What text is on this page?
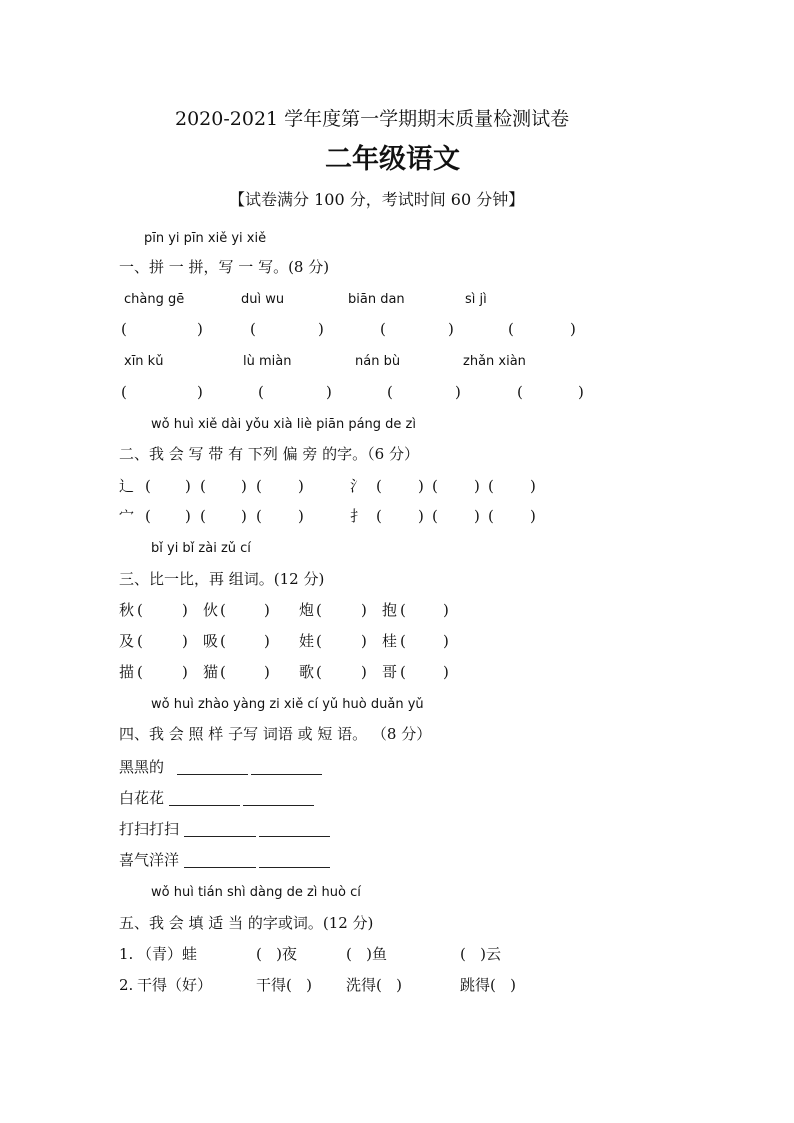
2020-2021 学年度第一学期期末质量检测试卷
二年级语文
【试卷满分 100 分，考试时间 60 分钟】
pīn yi pīn xiě yi xiě
一、拼 一 拼，写 一 写。(8 分)
chàng gē	duì wu	biān dan	sì jì
(	)	(	)	(	)	(	)
xīn kǔ	lù miàn	nán bù	zhǎn xiàn
(	)	(	)	(	)	(	)
wǒ huì xiě dài yǒu xià liè piān páng de zì
二、我 会 写 带 有 下列 偏 旁 的字。（6 分）
辶 ( ) ( ) ( )	氵 ( ) ( ) ( )
宀 ( ) ( ) ( )	扌 ( ) ( ) ( )
bǐ yi bǐ zài zǔ cí
三、比一比，再 组词。(12 分)
秋 (	) 伙 (	) 炮 (	) 抱 ( )
及 (	) 吸 (	) 娃 (	) 桂 ( )
描 (	) 猫 (	) 歌 (	) 哥 ( )
wǒ huì zhào yàng zi xiě cí yǔ huò duǎn yǔ
四、我 会 照 样 子写 词语 或 短 语。 （8 分）
黑黑的
白花花
打扫打扫
喜气洋洋
wǒ huì tián shì dàng de zì huò cí
五、我 会 填 适 当 的字或词。(12 分)
1. （青）蛙	(   )夜	(   )鱼	(   )云
2. 干得（好）	干得(   ) 洗得(   )	跳得(   )
